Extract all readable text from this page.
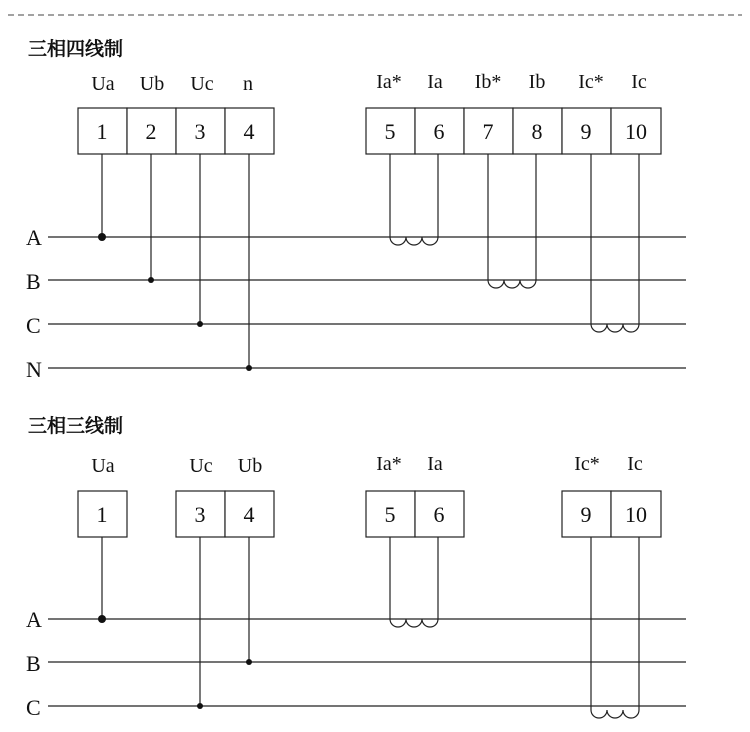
三相四线制
Ua Ub Uc n	Ia* Ia Ib* Ib Ic* Ic
1 2 3 4	5 6 7 8 9 10
A
B
C
N
三相三线制
Ua	Uc Ub	Ia* Ia	Ic* Ic
1	3 4	5 6	9 10
A
B
C
